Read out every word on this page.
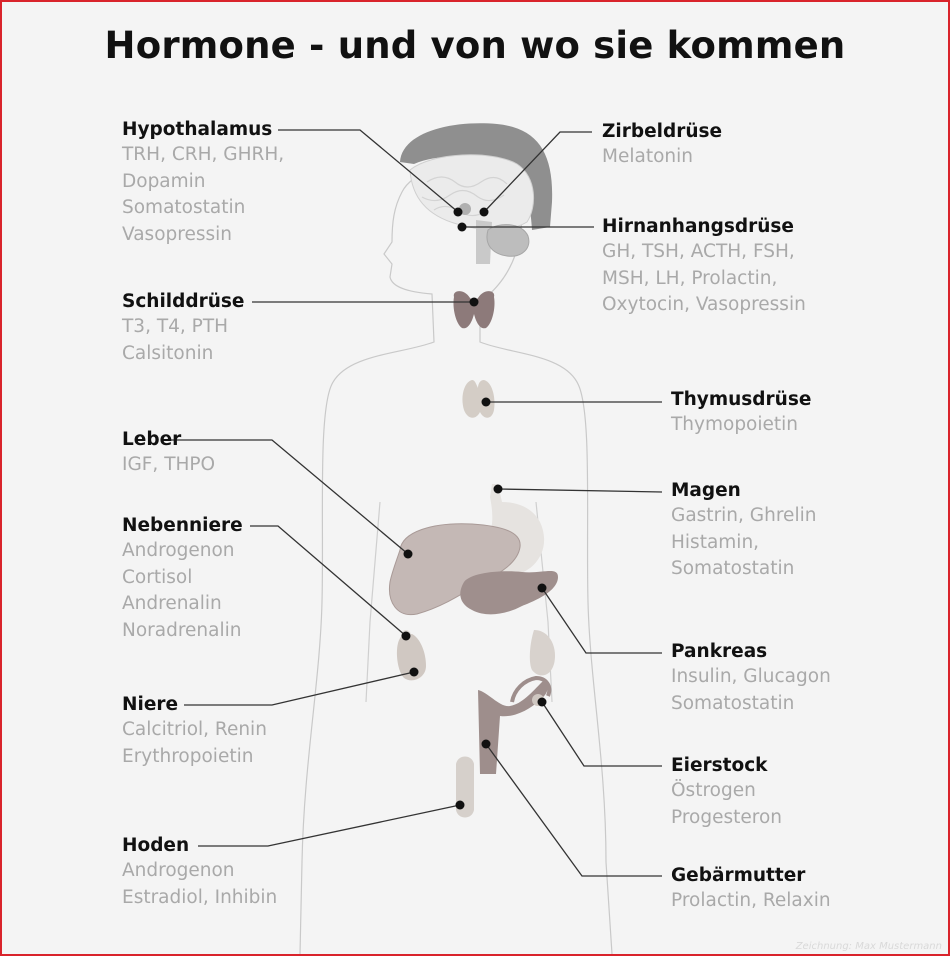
Hormone - und von wo sie kommen
Hypothalamus
TRH, CRH, GHRH,
Dopamin
Somatostatin
Vasopressin
Schilddrüse
T3, T4, PTH
Calsitonin
Leber
IGF, THPO
Nebenniere
Androgenon
Cortisol
Andrenalin
Noradrenalin
Niere
Calcitriol, Renin
Erythropoietin
Hoden
Androgenon
Estradiol, Inhibin
Zirbeldrüse
Melatonin
Hirnanhangsdrüse
GH, TSH, ACTH, FSH,
MSH, LH, Prolactin,
Oxytocin, Vasopressin
Thymusdrüse
Thymopoietin
Magen
Gastrin, Ghrelin
Histamin,
Somatostatin
Pankreas
Insulin, Glucagon
Somatostatin
Eierstock
Östrogen
Progesteron
Gebärmutter
Prolactin, Relaxin
Zeichnung: Max Mustermann
